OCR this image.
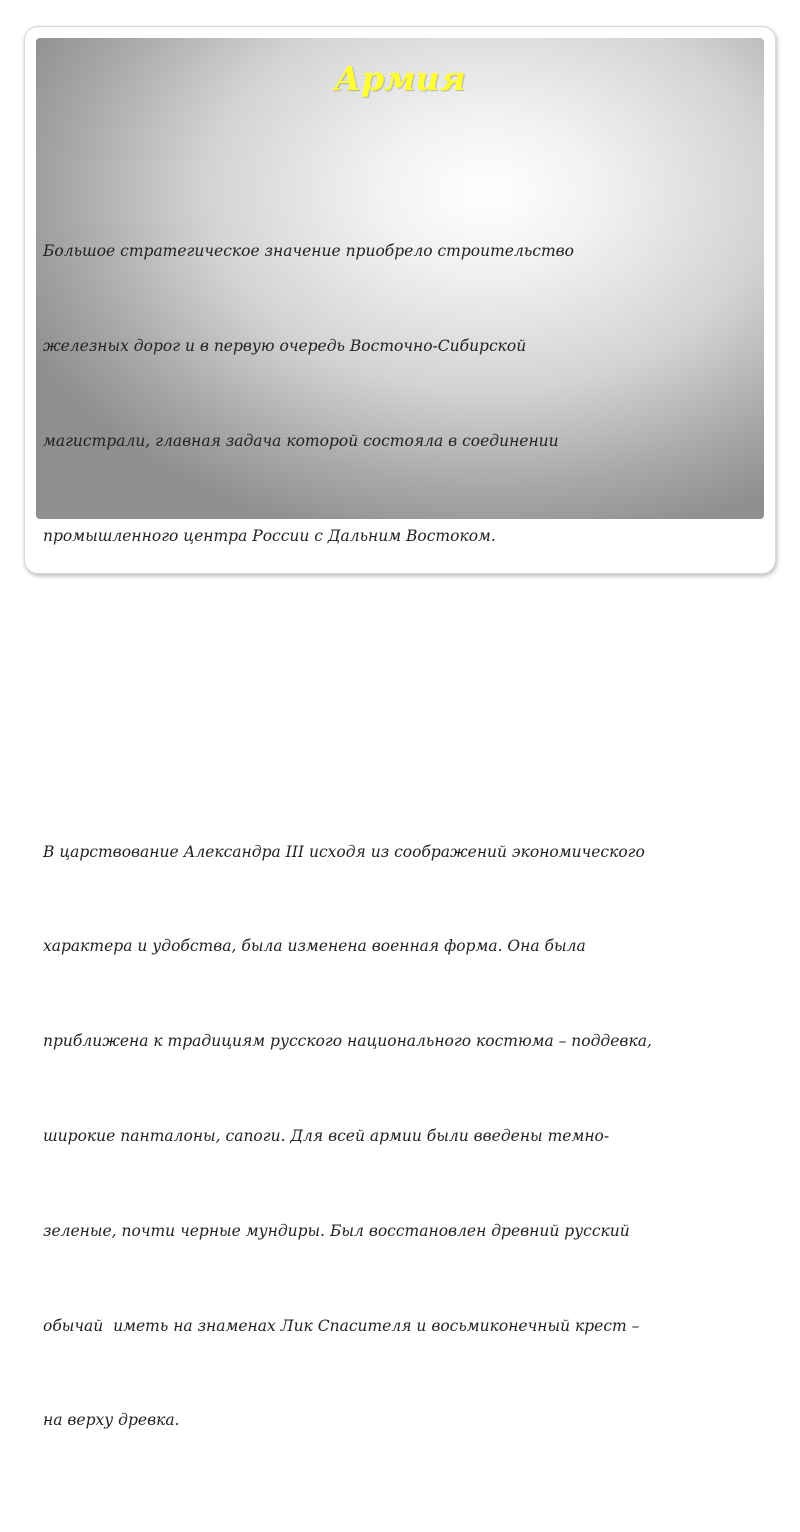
Армия

Большое стратегическое значение приобрело строительство

железных дорог и в первую очередь Восточно-Сибирской

магистрали, главная задача которой состояла в соединении

промышленного центра России с Дальним Востоком.

В царствование Александра III исходя из соображений экономического

характера и удобства, была изменена военная форма. Она была

приближена к традициям русского национального костюма – поддевка,

широкие панталоны, сапоги. Для всей армии были введены темно-

зеленые, почти черные мундиры. Был восстановлен древний русский

обычай  иметь на знаменах Лик Спасителя и восьмиконечный крест –

на верху древка.
